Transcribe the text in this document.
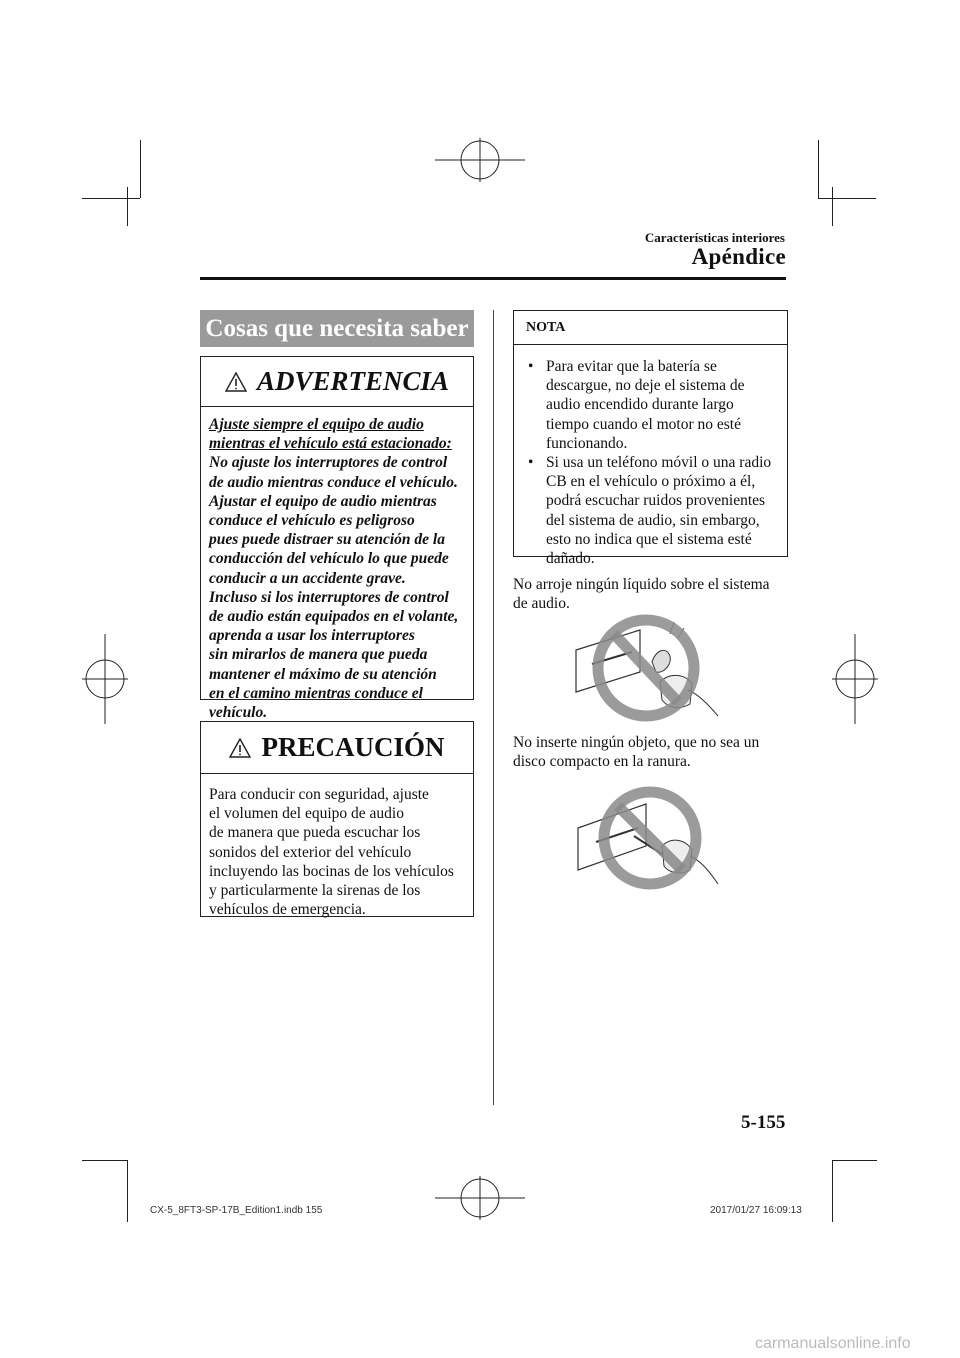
Características interiores
Apéndice
Cosas que necesita saber
ADVERTENCIA
Ajuste siempre el equipo de audio
mientras el vehículo está estacionado:
No ajuste los interruptores de control
de audio mientras conduce el vehículo.
Ajustar el equipo de audio mientras
conduce el vehículo es peligroso
pues puede distraer su atención de la
conducción del vehículo lo que puede
conducir a un accidente grave.
Incluso si los interruptores de control
de audio están equipados en el volante,
aprenda a usar los interruptores
sin mirarlos de manera que pueda
mantener el máximo de su atención
en el camino mientras conduce el
vehículo.
PRECAUCIÓN
Para conducir con seguridad, ajuste
el volumen del equipo de audio
de manera que pueda escuchar los
sonidos del exterior del vehículo
incluyendo las bocinas de los vehículos
y particularmente la sirenas de los
vehículos de emergencia.
NOTA
• Para evitar que la batería se
descargue, no deje el sistema de
audio encendido durante largo
tiempo cuando el motor no esté
funcionando.
• Si usa un teléfono móvil o una radio
CB en el vehículo o próximo a él,
podrá escuchar ruidos provenientes
del sistema de audio, sin embargo,
esto no indica que el sistema esté
dañado.
No arroje ningún líquido sobre el sistema
de audio.
No inserte ningún objeto, que no sea un
disco compacto en la ranura.
5-155
CX-5_8FT3-SP-17B_Edition1.indb 155	2017/01/27 16:09:13
carmanualsonline.info
